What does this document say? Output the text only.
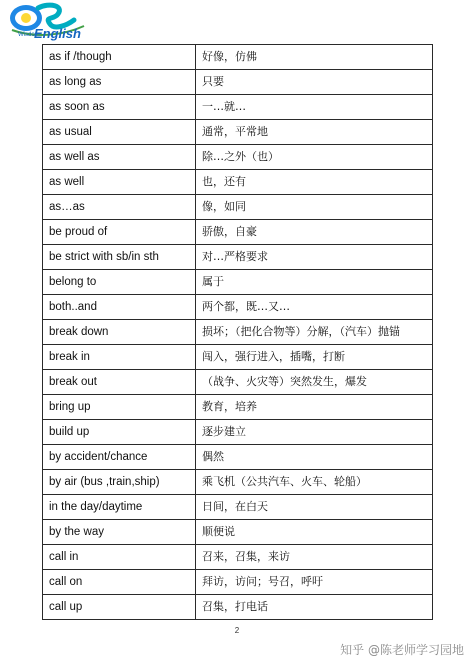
Wisdom
English
as if /though	好像，仿佛
as long as	只要
as soon as	一…就…
as usual	通常，平常地
as well as	除…之外（也）
as well	也，还有
as…as	像，如同
be proud of	骄傲，自豪
be strict with sb/in sth	对…严格要求
belong to	属于
both..and	两个都，既…又…
break down	损坏；（把化合物等）分解，（汽车）抛锚
break in	闯入，强行进入，插嘴，打断
break out	（战争、火灾等）突然发生，爆发
bring up	教育，培养
build up	逐步建立
by accident/chance	偶然
by air (bus ,train,ship)	乘飞机（公共汽车、火车、轮船）
in the day/daytime	日间，在白天
by the way	顺便说
call in	召来，召集，来访
call on	拜访，访问；号召，呼吁
call up	召集，打电话
2
知乎 @陈老师学习园地
